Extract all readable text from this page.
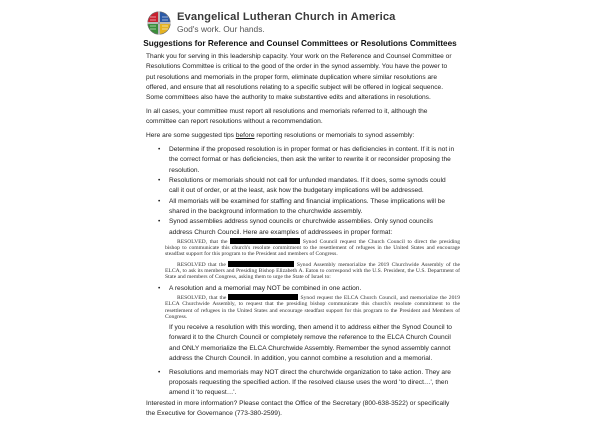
Evangelical Lutheran Church in America
God's work. Our hands.
Suggestions for Reference and Counsel Committees or Resolutions Committees

Thank you for serving in this leadership capacity. Your work on the Reference and Counsel Committee or Resolutions Committee is critical to the good of the order in the synod assembly. You have the power to put resolutions and memorials in the proper form, eliminate duplication where similar resolutions are offered, and ensure that all resolutions relating to a specific subject will be offered in logical sequence. Some committees also have the authority to make substantive edits and alterations in resolutions.

In all cases, your committee must report all resolutions and memorials referred to it, although the committee can report resolutions without a recommendation.

Here are some suggested tips before reporting resolutions or memorials to synod assembly:

• Determine if the proposed resolution is in proper format or has deficiencies in content. If it is not in the correct format or has deficiencies, then ask the writer to rewrite it or reconsider proposing the resolution.
• Resolutions or memorials should not call for unfunded mandates. If it does, some synods could call it out of order, or at the least, ask how the budgetary implications will be addressed.
• All memorials will be examined for staffing and financial implications. These implications will be shared in the background information to the churchwide assembly.
• Synod assemblies address synod councils or churchwide assemblies. Only synod councils address Church Council. Here are examples of addressees in proper format:
RESOLVED, that the	Synod Council request the Church Council to direct the presiding bishop to communicate this church's resolute commitment to the resettlement of refugees in the United States and encourage steadfast support for this program to the President and members of Congress.
RESOLVED that the	Synod Assembly memorialize the 2019 Churchwide Assembly of the ELCA, to ask its members and Presiding Bishop Elizabeth A. Eaton to correspond with the U.S. President, the U.S. Department of State and members of Congress, asking them to urge the State of Israel to:
• A resolution and a memorial may NOT be combined in one action.
RESOLVED, that the	Synod request the ELCA Church Council, and memorialize the 2019 ELCA Churchwide Assembly, to request that the presiding bishop communicate this church's resolute commitment to the resettlement of refugees in the United States and encourage steadfast support for this program to the President and Members of Congress.

If you receive a resolution with this wording, then amend it to address either the Synod Council to forward it to the Church Council or completely remove the reference to the ELCA Church Council and ONLY memorialize the ELCA Churchwide Assembly. Remember the synod assembly cannot address the Church Council. In addition, you cannot combine a resolution and a memorial.

• Resolutions and memorials may NOT direct the churchwide organization to take action. They are proposals requesting the specified action. If the resolved clause uses the word 'to direct…', then amend it 'to request…'.

Interested in more information? Please contact the Office of the Secretary (800-638-3522) or specifically the Executive for Governance (773-380-2599).
